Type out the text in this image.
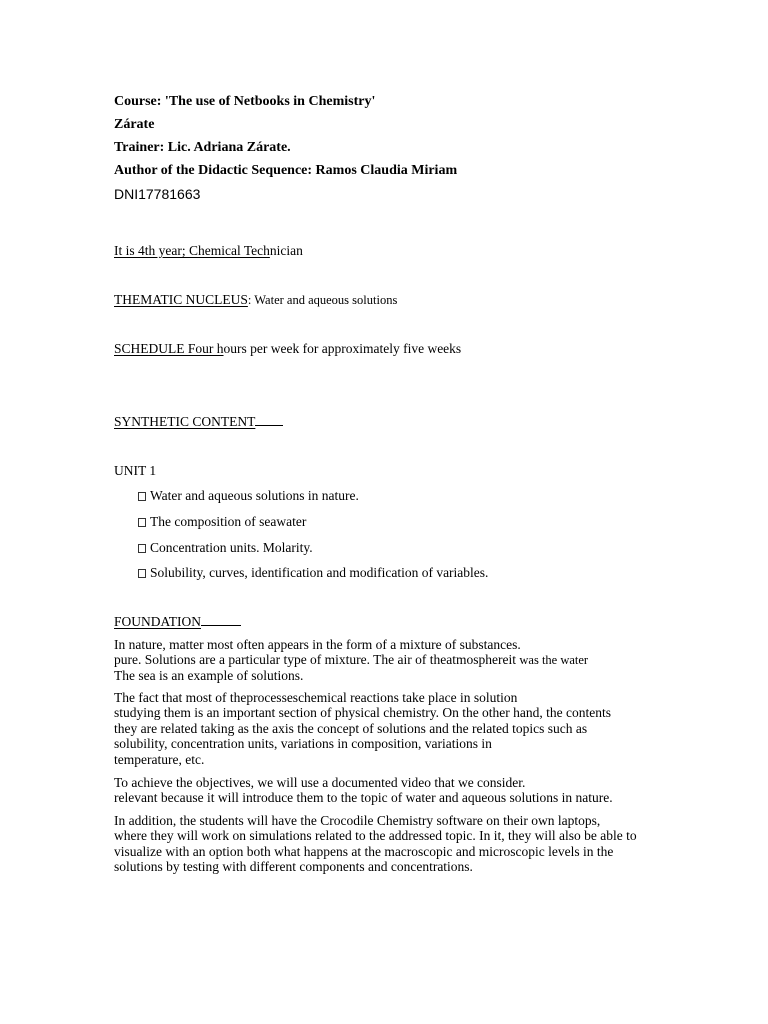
Course: 'The use of Netbooks in Chemistry'
Zárate
Trainer: Lic. Adriana Zárate.
Author of the Didactic Sequence: Ramos Claudia Miriam
DNI17781663
It is 4th year; Chemical Technician
THEMATIC NUCLEUS: Water and aqueous solutions
SCHEDULE Four hours per week for approximately five weeks
SYNTHETIC CONTENT
UNIT 1
Water and aqueous solutions in nature.
The composition of seawater
Concentration units. Molarity.
Solubility, curves, identification and modification of variables.
FOUNDATION
In nature, matter most often appears in the form of a mixture of substances.
pure. Solutions are a particular type of mixture. The air of theatmosphereit was the water
The sea is an example of solutions.
The fact that most of theprocesseschemical reactions take place in solution
studying them is an important section of physical chemistry. On the other hand, the contents
they are related taking as the axis the concept of solutions and the related topics such as
solubility, concentration units, variations in composition, variations in
temperature, etc.
To achieve the objectives, we will use a documented video that we consider.
relevant because it will introduce them to the topic of water and aqueous solutions in nature.
In addition, the students will have the Crocodile Chemistry software on their own laptops,
where they will work on simulations related to the addressed topic. In it, they will also be able to
visualize with an option both what happens at the macroscopic and microscopic levels in the
solutions by testing with different components and concentrations.
